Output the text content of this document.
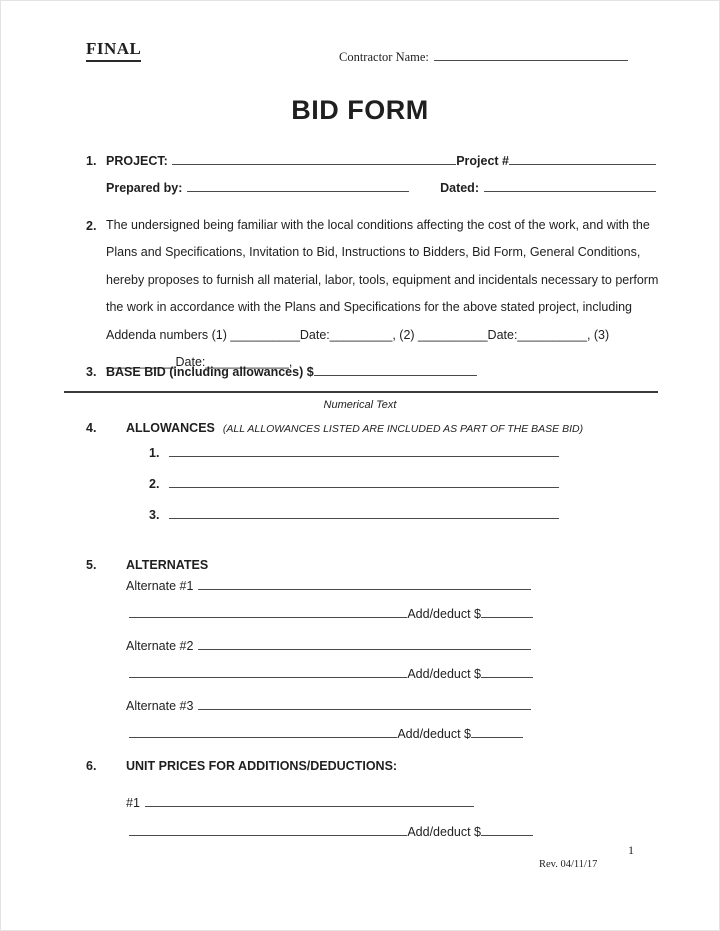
FINAL	Contractor Name:
BID FORM
1. PROJECT:	Project #
Prepared by:	Dated:
2. The undersigned being familiar with the local conditions affecting the cost of the work, and with the
Plans and Specifications, Invitation to Bid, Instructions to Bidders, Bid Form, General Conditions,
hereby proposes to furnish all material, labor, tools, equipment and incidentals necessary to perform
the work in accordance with the Plans and Specifications for the above stated project, including
Addenda numbers (1) __________Date:_________, (2) __________Date:__________, (3)
__________Date:____________,
3. BASE BID (including allowances) $
Numerical Text
4.	ALLOWANCES (ALL ALLOWANCES LISTED ARE INCLUDED AS PART OF THE BASE BID)
1.
2.
3.
5.	ALTERNATES
Alternate #1
Add/deduct $
Alternate #2
Add/deduct $
Alternate #3
Add/deduct $
6.	UNIT PRICES FOR ADDITIONS/DEDUCTIONS:
#1
Add/deduct $
1
Rev. 04/11/17
